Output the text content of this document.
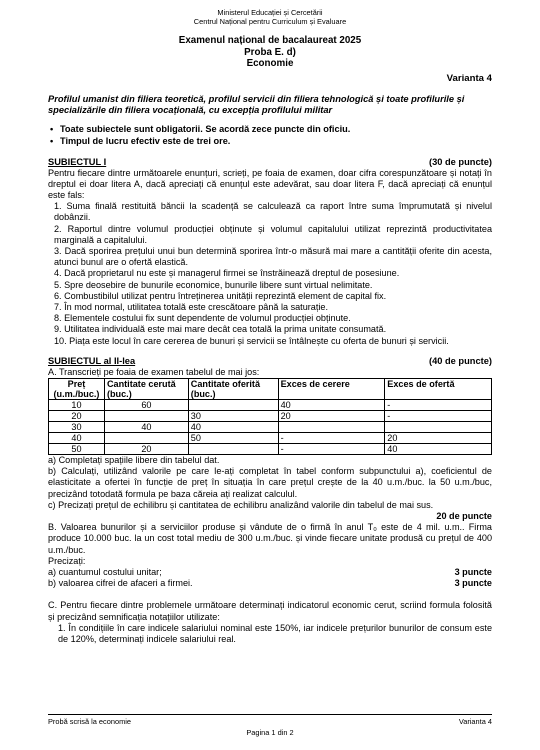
Ministerul Educației și Cercetării
Centrul Național pentru Curriculum și Evaluare
Examenul național de bacalaureat 2025
Proba E. d)
Economie
Varianta 4
Profilul umanist din filiera teoretică, profilul servicii din filiera tehnologică și toate profilurile și specializările din filiera vocațională, cu excepția profilului militar
• Toate subiectele sunt obligatorii. Se acordă zece puncte din oficiu.
• Timpul de lucru efectiv este de trei ore.
SUBIECTUL I	(30 de puncte)
Pentru fiecare dintre următoarele enunțuri, scrieți, pe foaia de examen, doar cifra corespunzătoare și notați în dreptul ei doar litera A, dacă apreciați că enunțul este adevărat, sau doar litera F, dacă apreciați că enunțul este fals:
1. Suma finală restituită băncii la scadență se calculează ca raport între suma împrumutată și nivelul dobânzii.
2. Raportul dintre volumul producției obținute și volumul capitalului utilizat reprezintă productivitatea marginală a capitalului.
3. Dacă sporirea prețului unui bun determină sporirea într-o măsură mai mare a cantității oferite din acesta, atunci bunul are o ofertă elastică.
4. Dacă proprietarul nu este și managerul firmei se înstrăinează dreptul de posesiune.
5. Spre deosebire de bunurile economice, bunurile libere sunt virtual nelimitate.
6. Combustibilul utilizat pentru întreținerea unității reprezintă element de capital fix.
7. În mod normal, utilitatea totală este crescătoare până la saturație.
8. Elementele costului fix sunt dependente de volumul producției obținute.
9. Utilitatea individuală este mai mare decât cea totală la prima unitate consumată.
10. Piața este locul în care cererea de bunuri și servicii se întâlnește cu oferta de bunuri și servicii.
SUBIECTUL al II-lea	(40 de puncte)
A. Transcrieți pe foaia de examen tabelul de mai jos:
Preț (u.m./buc.)	Cantitate cerută (buc.)	Cantitate oferită (buc.)	Exces de cerere	Exces de ofertă
10	60		40	-
20		30	20	-
30	40	40		
40		50	-	20
50	20		-	40
a) Completați spațiile libere din tabelul dat.
b) Calculați, utilizând valorile pe care le-ați completat în tabel conform subpunctului a), coeficientul de elasticitate a ofertei în funcție de preț în situația în care prețul crește de la 40 u.m./buc. la 50 u.m./buc, precizând totodată formula pe baza căreia ați realizat calculul.
c) Precizați prețul de echilibru și cantitatea de echilibru analizând valorile din tabelul de mai sus.
20 de puncte
B. Valoarea bunurilor și a serviciilor produse și vândute de o firmă în anul T₀ este de 4 mil. u.m.. Firma produce 10.000 buc. la un cost total mediu de 300 u.m./buc. și vinde fiecare unitate produsă cu prețul de 400 u.m./buc.
Precizați:
a) cuantumul costului unitar;	3 puncte
b) valoarea cifrei de afaceri a firmei.	3 puncte
C. Pentru fiecare dintre problemele următoare determinați indicatorul economic cerut, scriind formula folosită și precizând semnificația notațiilor utilizate:
1. În condițiile în care indicele salariului nominal este 150%, iar indicele prețurilor bunurilor de consum este de 120%, determinați indicele salariului real.
Probă scrisă la economie	Varianta 4
Pagina 1 din 2
